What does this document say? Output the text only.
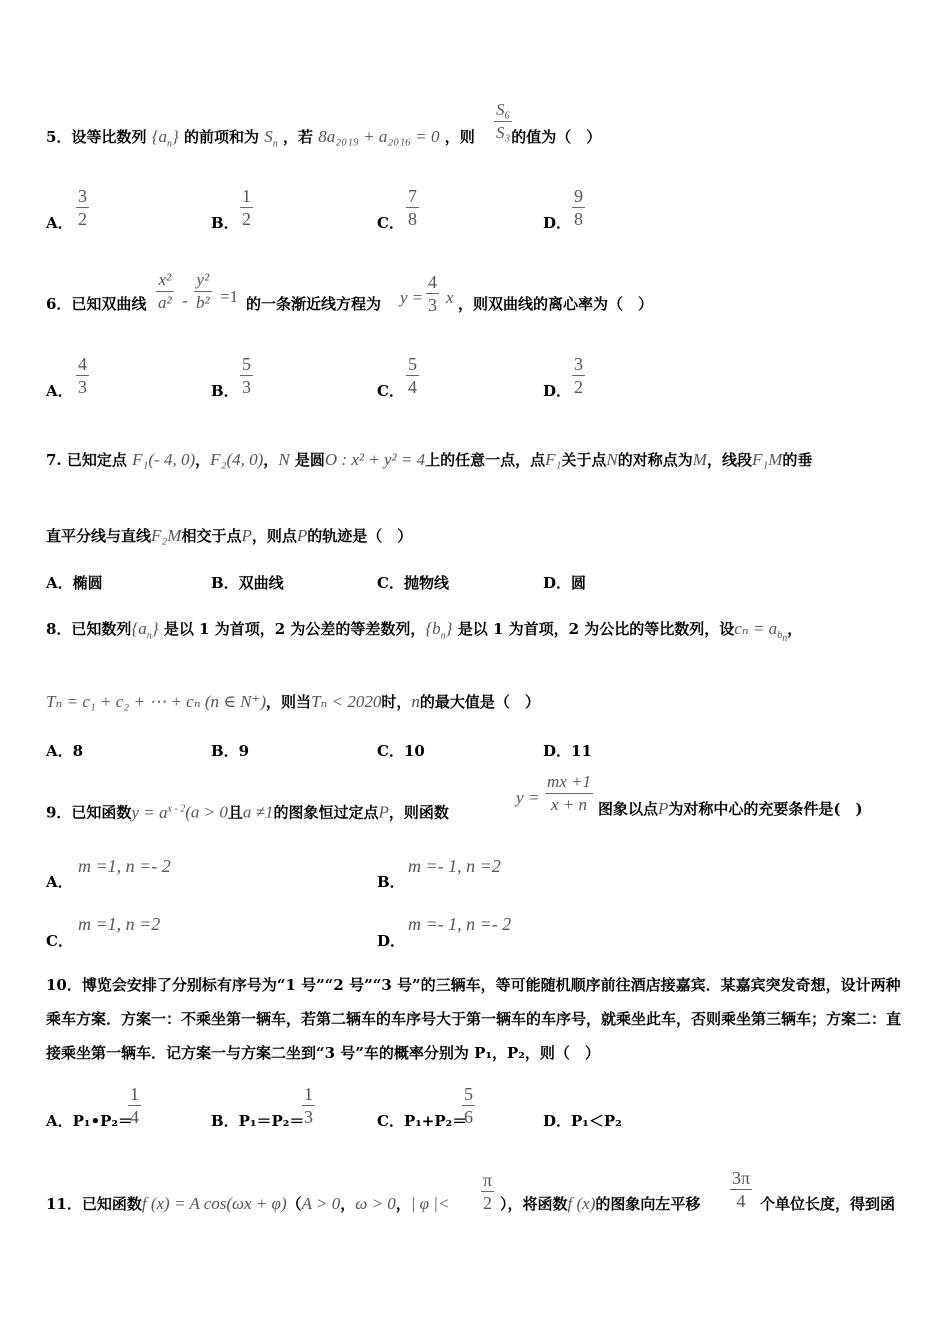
5．设等比数列 $\{a_n\}$ 的前项和为 $S_n$ ，若 8a₂₀₁₉ + a₂₀₁₆ = 0 ，则 的值为（　）
S₆
S₃
A．
3
2	B．
1
2	C．
7
8	D．
9
8
6．已知双曲线
x²
a² -
y²
b² =1 的一条渐近线方程为 y =
4
3 x ，则双曲线的离心率为（　）
A．
4
3	B．
5
3	C．
5
4	D．
3
2
7. 已知定点 F₁(- 4, 0)，F₂(4, 0)，N 是圆O : x² + y² = 4上的任意一点，点F₁关于点N的对称点为M，线段F₁M的垂
直平分线与直线F₂M相交于点P，则点P的轨迹是（　）
A．椭圆	B．双曲线	C．抛物线	D．圆
8．已知数列$\{a_n\}$ 是以 1 为首项，2 为公差的等差数列，$\{b_n\}$ 是以 1 为首项，2 为公比的等比数列，设$c_n = a_{b_n}$，
Tₙ = c₁ + c₂ + ⋯ + cₙ (n ∈ N⁺)，则当Tₙ < 2020时，n的最大值是（　）
A．8	B．9	C．10	D．11
9．已知函数$y = a^{x - 2}(a > 0$且a ≠1的图象恒过定点P，则函数
y =
mx +1
x + n 图象以点P为对称中心的充要条件是(　)
A．
m =1, n =- 2
B．
m =- 1, n =2
C．
m =1, n =2
D．
m =- 1, n =- 2
10．博览会安排了分别标有序号为“1 号”“2 号”“3 号”的三辆车，等可能随机顺序前往酒店接嘉宾．某嘉宾突发奇想，设计两种乘车方案．方案一：不乘坐第一辆车，若第二辆车的车序号大于第一辆车的车序号，就乘坐此车，否则乘坐第三辆车；方案二：直接乘坐第一辆车．记方案一与方案二坐到“3 号”车的概率分别为 P₁，P₂，则（　）
A．P₁•P₂＝
1
4	B．P₁＝P₂＝
1
3	C．P₁+P₂＝
5
6	D．P₁＜P₂
11．已知函数f (x) = A cos(ωx + φ)（A > 0，ω > 0，| φ |<
π
2 ），将函数f (x)的图象向左平移
3π
4 个单位长度，得到函
